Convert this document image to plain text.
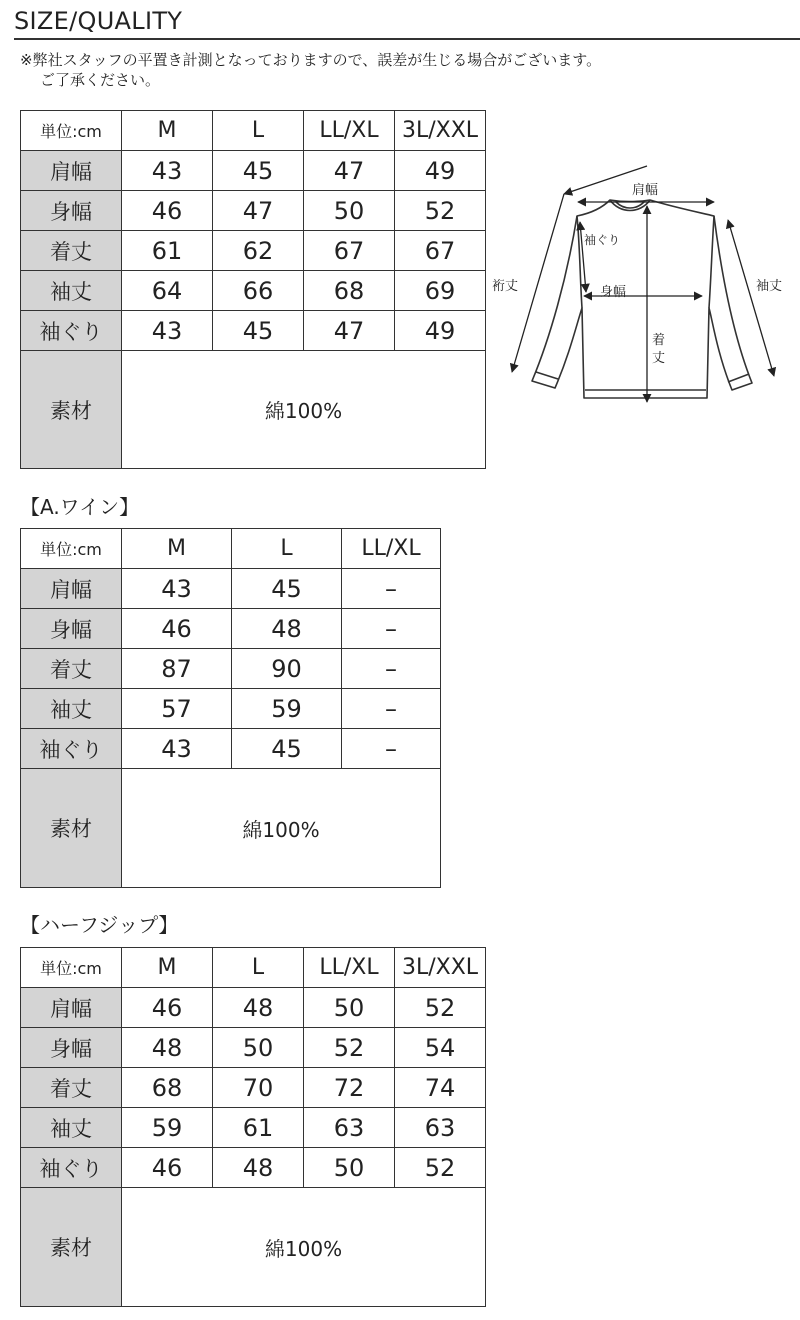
SIZE/QUALITY
※弊社スタッフの平置き計測となっておりますので、誤差が生じる場合がございます。
ご了承ください。
単位:cm	M	L	LL/XL	3L/XXL
肩幅	43	45	47	49
身幅	46	47	50	52
着丈	61	62	67	67
袖丈	64	66	68	69
袖ぐり	43	45	47	49
素材	綿100%			
肩幅
袖ぐり
裄丈	袖丈
身幅
着
丈
【A.ワイン】
単位:cm	M	L	LL/XL
肩幅	43	45	–
身幅	46	48	–
着丈	87	90	–
袖丈	57	59	–
袖ぐり	43	45	–
素材	綿100%		
【ハーフジップ】
単位:cm	M	L	LL/XL	3L/XXL
肩幅	46	48	50	52
身幅	48	50	52	54
着丈	68	70	72	74
袖丈	59	61	63	63
袖ぐり	46	48	50	52
素材	綿100%			
